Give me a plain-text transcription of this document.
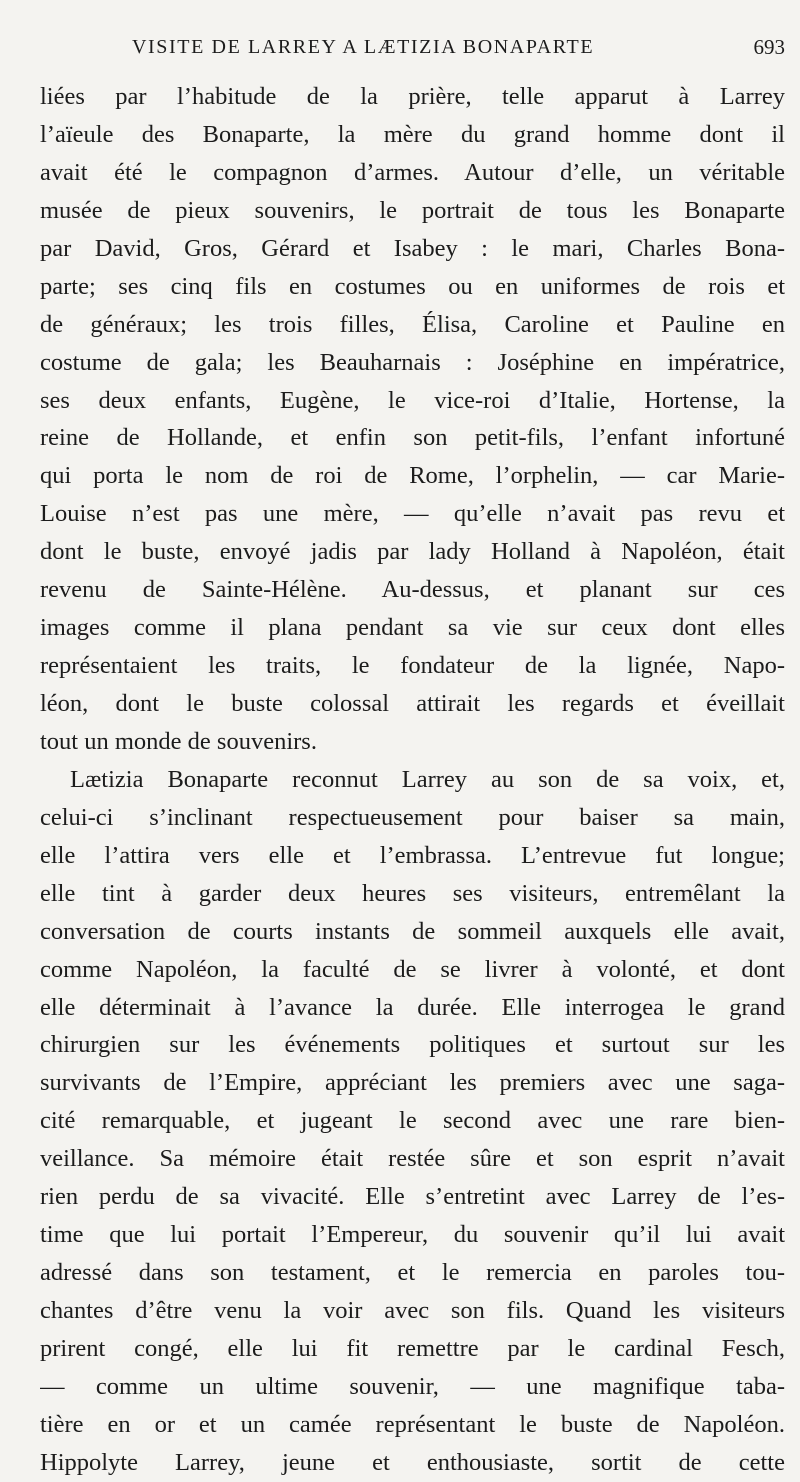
VISITE DE LARREY A LÆTIZIA BONAPARTE	693
liées par l’habitude de la prière, telle apparut à Larrey
l’aïeule des Bonaparte, la mère du grand homme dont il
avait été le compagnon d’armes. Autour d’elle, un véritable
musée de pieux souvenirs, le portrait de tous les Bonaparte
par David, Gros, Gérard et Isabey : le mari, Charles Bona-
parte; ses cinq fils en costumes ou en uniformes de rois et
de généraux; les trois filles, Élisa, Caroline et Pauline en
costume de gala; les Beauharnais : Joséphine en impératrice,
ses deux enfants, Eugène, le vice-roi d’Italie, Hortense, la
reine de Hollande, et enfin son petit-fils, l’enfant infortuné
qui porta le nom de roi de Rome, l’orphelin, — car Marie-
Louise n’est pas une mère, — qu’elle n’avait pas revu et
dont le buste, envoyé jadis par lady Holland à Napoléon, était
revenu de Sainte-Hélène. Au-dessus, et planant sur ces
images comme il plana pendant sa vie sur ceux dont elles
représentaient les traits, le fondateur de la lignée, Napo-
léon, dont le buste colossal attirait les regards et éveillait
tout un monde de souvenirs.
Lætizia Bonaparte reconnut Larrey au son de sa voix, et,
celui-ci s’inclinant respectueusement pour baiser sa main,
elle l’attira vers elle et l’embrassa. L’entrevue fut longue;
elle tint à garder deux heures ses visiteurs, entremêlant la
conversation de courts instants de sommeil auxquels elle avait,
comme Napoléon, la faculté de se livrer à volonté, et dont
elle déterminait à l’avance la durée. Elle interrogea le grand
chirurgien sur les événements politiques et surtout sur les
survivants de l’Empire, appréciant les premiers avec une saga-
cité remarquable, et jugeant le second avec une rare bien-
veillance. Sa mémoire était restée sûre et son esprit n’avait
rien perdu de sa vivacité. Elle s’entretint avec Larrey de l’es-
time que lui portait l’Empereur, du souvenir qu’il lui avait
adressé dans son testament, et le remercia en paroles tou-
chantes d’être venu la voir avec son fils. Quand les visiteurs
prirent congé, elle lui fit remettre par le cardinal Fesch,
— comme un ultime souvenir, — une magnifique taba-
tière en or et un camée représentant le buste de Napoléon.
Hippolyte Larrey, jeune et enthousiaste, sortit de cette
